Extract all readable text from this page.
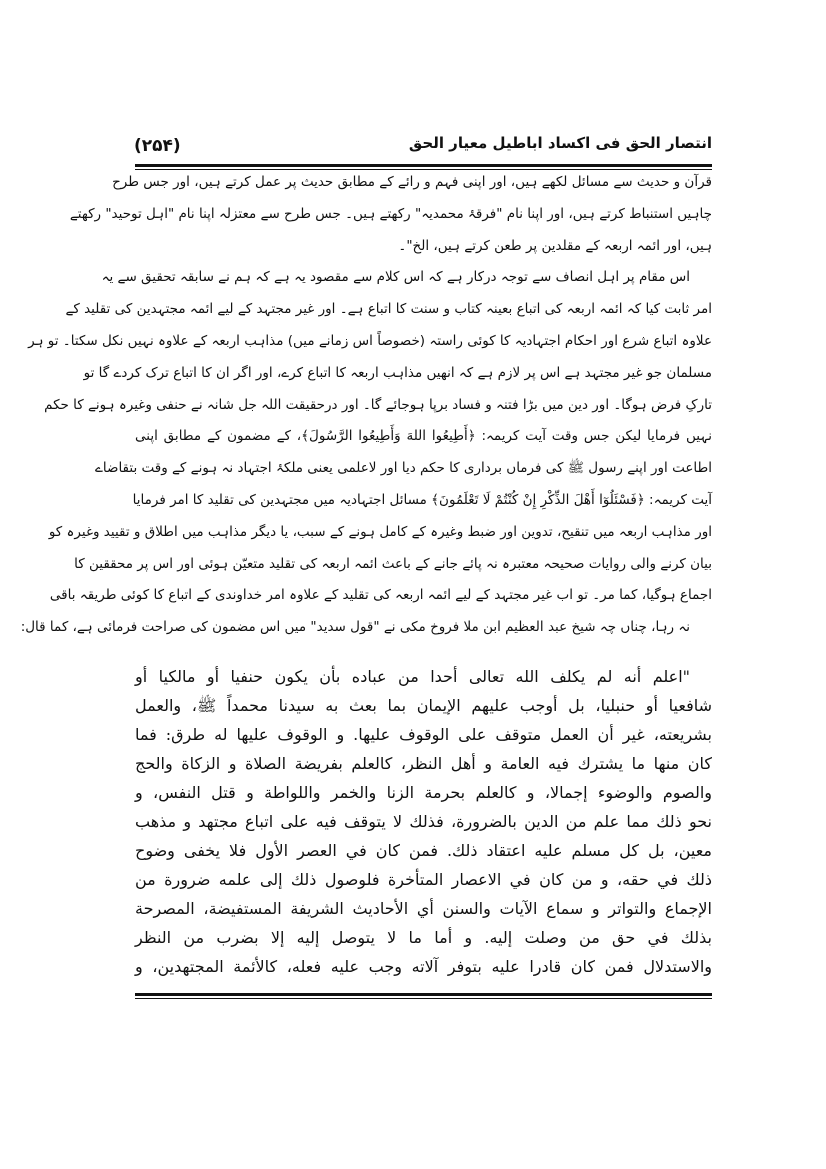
(۲۵۴)	انتصار الحق فی اکساد اباطیل معیار الحق
قرآن و حدیث سے مسائل لکھے ہیں، اور اپنی فہم و رائے کے مطابق حدیث پر عمل کرتے ہیں، اور جس طرح
چاہیں استنباط کرتے ہیں، اور اپنا نام "فرقۂ محمدیہ" رکھتے ہیں۔ جس طرح سے معتزلہ اپنا نام "اہل توحید" رکھتے
ہیں، اور ائمہ اربعہ کے مقلدین پر طعن کرتے ہیں، الخ"۔
اس مقام پر اہل انصاف سے توجہ درکار ہے کہ اس کلام سے مقصود یہ ہے کہ ہم نے سابقہ تحقیق سے یہ
امر ثابت کیا کہ ائمہ اربعہ کی اتباع بعینہ کتاب و سنت کا اتباع ہے۔ اور غیر مجتہد کے لیے ائمہ مجتہدین کی تقلید کے
علاوہ اتباع شرع اور احکام اجتہادیہ کا کوئی راستہ (خصوصاً اس زمانے میں) مذاہب اربعہ کے علاوہ نہیں نکل سکتا۔ تو ہر
مسلمان جو غیر مجتہد ہے اس پر لازم ہے کہ انھیں مذاہب اربعہ کا اتباع کرے، اور اگر ان کا اتباع ترک کردے گا تو
تارکِ فرض ہوگا۔ اور دین میں بڑا فتنہ و فساد برپا ہوجائے گا۔ اور درحقیقت اللہ جل شانہ نے حنفی وغیرہ ہونے کا حکم
نہیں فرمایا لیکن جس وقت آیت کریمہ: ﴿أَطِيعُوا اللهَ وَأَطِيعُوا الرَّسُولَ﴾، کے مضمون کے مطابق اپنی
اطاعت اور اپنے رسول ﷺ کی فرماں برداری کا حکم دیا اور لاعلمی یعنی ملکۂ اجتہاد نہ ہونے کے وقت بتقاضاے
آیت کریمہ: ﴿فَسْئَلُوٓا أَهْلَ الذِّكْرِ إِنْ كُنْتُمْ لَا تَعْلَمُونَ﴾ مسائل اجتہادیہ میں مجتہدین کی تقلید کا امر فرمایا
اور مذاہب اربعہ میں تنقیح، تدوین اور ضبط وغیرہ کے کامل ہونے کے سبب، یا دیگر مذاہب میں اطلاق و تقیید وغیرہ کو
بیان کرنے والی روایات صحیحہ معتبرہ نہ پائے جانے کے باعث ائمہ اربعہ کی تقلید متعیّن ہوئی اور اس پر محققین کا
اجماع ہوگیا، کما مر۔ تو اب غیر مجتہد کے لیے ائمہ اربعہ کی تقلید کے علاوہ امر خداوندی کے اتباع کا کوئی طریقہ باقی
نہ رہا، چناں چہ شیخ عبد العظیم ابن ملا فروخ مکی نے "قول سدید" میں اس مضمون کی صراحت فرمائی ہے، کما قال:
"اعلم أنه لم يكلف الله تعالى أحدا من عباده بأن يكون حنفيا أو مالكيا أو
شافعيا أو حنبليا، بل أوجب عليهم الإيمان بما بعث به سيدنا محمداً ﷺ، والعمل
بشريعته، غير أن العمل متوقف على الوقوف عليها. و الوقوف عليها له طرق: فما
كان منها ما يشترك فيه العامة و أهل النظر، كالعلم بفريضة الصلاة و الزكاة والحج
والصوم والوضوء إجمالا، و كالعلم بحرمة الزنا والخمر واللواطة و قتل النفس، و
نحو ذلك مما علم من الدين بالضرورة، فذلك لا يتوقف فيه على اتباع مجتهد و مذهب
معين، بل كل مسلم عليه اعتقاد ذلك. فمن كان في العصر الأول فلا يخفى وضوح
ذلك في حقه، و من كان في الاعصار المتأخرة فلوصول ذلك إلى علمه ضرورة من
الإجماع والتواتر و سماع الآيات والسنن أي الأحاديث الشريفة المستفيضة، المصرحة
بذلك في حق من وصلت إليه. و أما ما لا يتوصل إليه إلا بضرب من النظر
والاستدلال فمن كان قادرا عليه بتوفر آلاته وجب عليه فعله، كالأئمة المجتهدين، و
